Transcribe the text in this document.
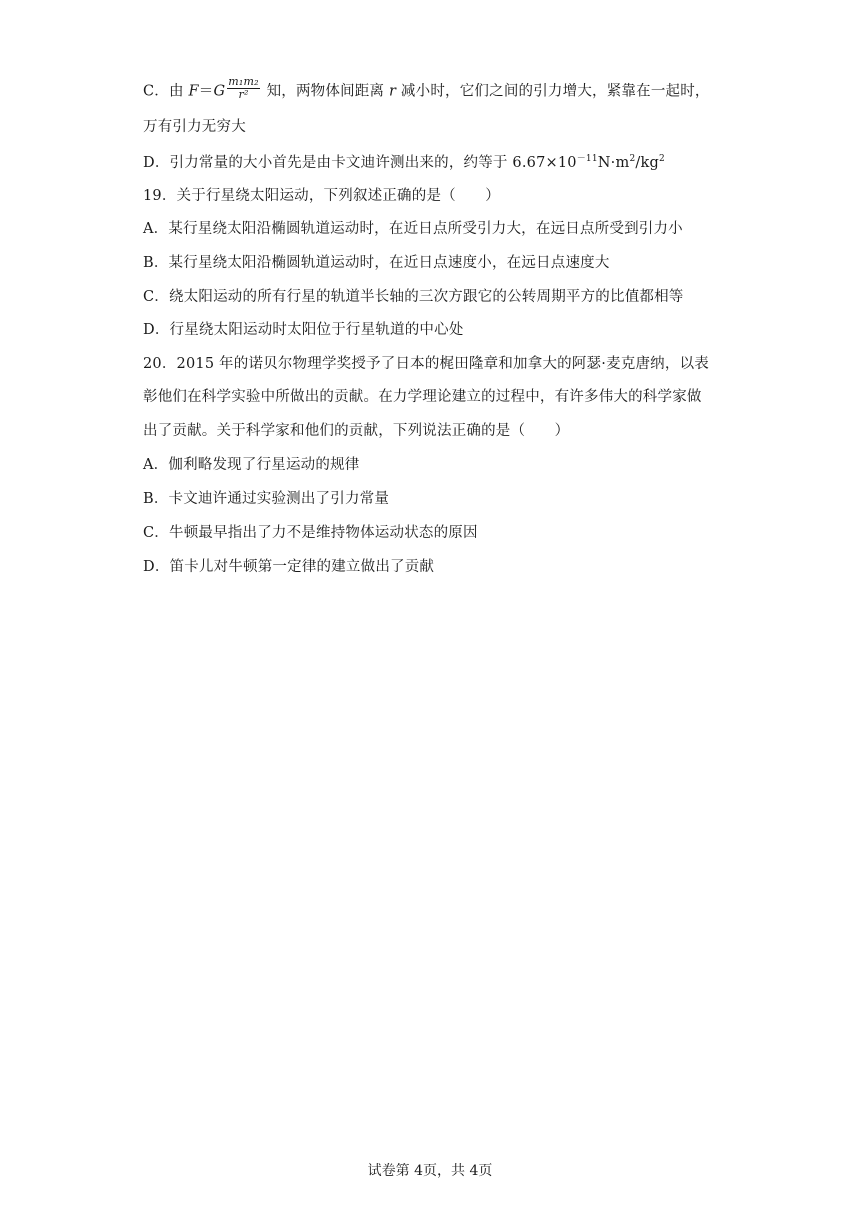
C．由 $F=G \frac{\text{m₁m₂}}{\text{r²}}$ 知，两物体间距离 r 减小时，它们之间的引力增大，紧靠在一起时，
万有引力无穷大
D．引力常量的大小首先是由卡文迪许测出来的，约等于 $6.67\times 10^{-11}N\cdot m^2/kg^2$
19．关于行星绕太阳运动，下列叙述正确的是（　　）
A．某行星绕太阳沿椭圆轨道运动时，在近日点所受引力大，在远日点所受到引力小
B．某行星绕太阳沿椭圆轨道运动时，在近日点速度小，在远日点速度大
C．绕太阳运动的所有行星的轨道半长轴的三次方跟它的公转周期平方的比值都相等
D．行星绕太阳运动时太阳位于行星轨道的中心处
20．2015 年的诺贝尔物理学奖授予了日本的梶田隆章和加拿大的阿瑟·麦克唐纳，以表
彰他们在科学实验中所做出的贡献。在力学理论建立的过程中，有许多伟大的科学家做
出了贡献。关于科学家和他们的贡献，下列说法正确的是（　　）
A．伽利略发现了行星运动的规律
B．卡文迪许通过实验测出了引力常量
C．牛顿最早指出了力不是维持物体运动状态的原因
D．笛卡儿对牛顿第一定律的建立做出了贡献
试卷第 4页，共 4页
